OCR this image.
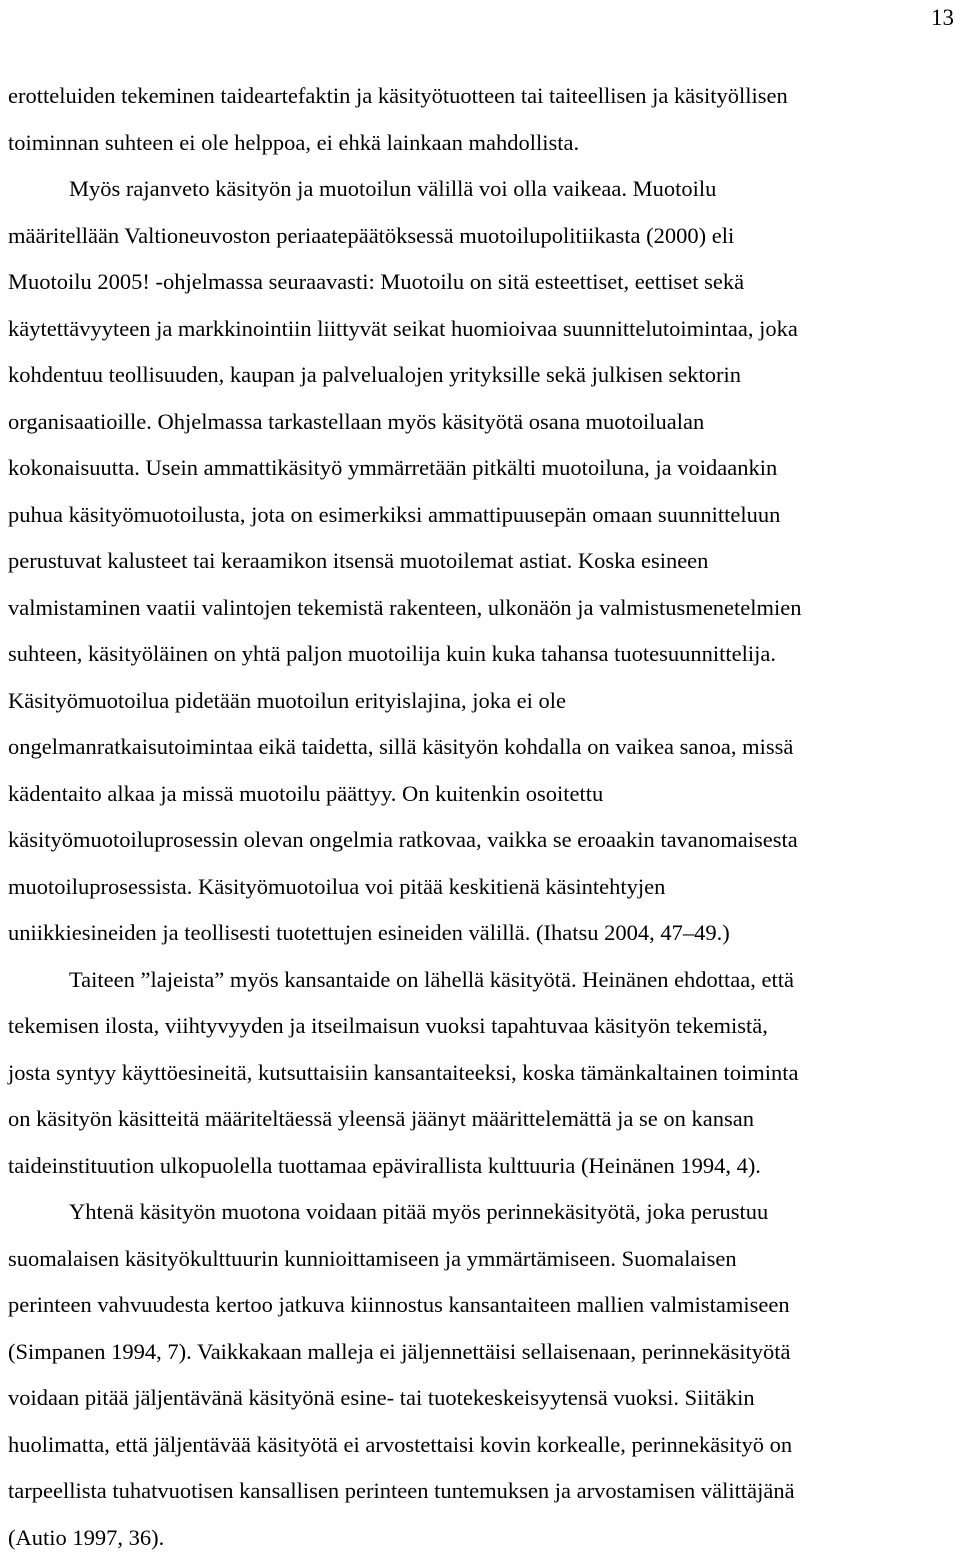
13
erotteluiden tekeminen taideartefaktin ja käsityötuotteen tai taiteellisen ja käsityöllisen
toiminnan suhteen ei ole helppoa, ei ehkä lainkaan mahdollista.
Myös rajanveto käsityön ja muotoilun välillä voi olla vaikeaa. Muotoilu
määritellään Valtioneuvoston periaatepäätöksessä muotoilupolitiikasta (2000) eli
Muotoilu 2005! -ohjelmassa seuraavasti: Muotoilu on sitä esteettiset, eettiset sekä
käytettävyyteen ja markkinointiin liittyvät seikat huomioivaa suunnittelutoimintaa, joka
kohdentuu teollisuuden, kaupan ja palvelualojen yrityksille sekä julkisen sektorin
organisaatioille. Ohjelmassa tarkastellaan myös käsityötä osana muotoilualan
kokonaisuutta. Usein ammattikäsityö ymmärretään pitkälti muotoiluna, ja voidaankin
puhua käsityömuotoilusta, jota on esimerkiksi ammattipuusepän omaan suunnitteluun
perustuvat kalusteet tai keraamikon itsensä muotoilemat astiat. Koska esineen
valmistaminen vaatii valintojen tekemistä rakenteen, ulkonäön ja valmistusmenetelmien
suhteen, käsityöläinen on yhtä paljon muotoilija kuin kuka tahansa tuotesuunnittelija.
Käsityömuotoilua pidetään muotoilun erityislajina, joka ei ole
ongelmanratkaisutoimintaa eikä taidetta, sillä käsityön kohdalla on vaikea sanoa, missä
kädentaito alkaa ja missä muotoilu päättyy. On kuitenkin osoitettu
käsityömuotoiluprosessin olevan ongelmia ratkovaa, vaikka se eroaakin tavanomaisesta
muotoiluprosessista. Käsityömuotoilua voi pitää keskitienä käsintehtyjen
uniikkiesineiden ja teollisesti tuotettujen esineiden välillä. (Ihatsu 2004, 47–49.)
Taiteen ”lajeista” myös kansantaide on lähellä käsityötä. Heinänen ehdottaa, että
tekemisen ilosta, viihtyvyyden ja itseilmaisun vuoksi tapahtuvaa käsityön tekemistä,
josta syntyy käyttöesineitä, kutsuttaisiin kansantaiteeksi, koska tämänkaltainen toiminta
on käsityön käsitteitä määriteltäessä yleensä jäänyt määrittelemättä ja se on kansan
taideinstituution ulkopuolella tuottamaa epävirallista kulttuuria (Heinänen 1994, 4).
Yhtenä käsityön muotona voidaan pitää myös perinnekäsityötä, joka perustuu
suomalaisen käsityökulttuurin kunnioittamiseen ja ymmärtämiseen. Suomalaisen
perinteen vahvuudesta kertoo jatkuva kiinnostus kansantaiteen mallien valmistamiseen
(Simpanen 1994, 7). Vaikkakaan malleja ei jäljennettäisi sellaisenaan, perinnekäsityötä
voidaan pitää jäljentävänä käsityönä esine- tai tuotekeskeisyytensä vuoksi. Siitäkin
huolimatta, että jäljentävää käsityötä ei arvostettaisi kovin korkealle, perinnekäsityö on
tarpeellista tuhatvuotisen kansallisen perinteen tuntemuksen ja arvostamisen välittäjänä
(Autio 1997, 36).
